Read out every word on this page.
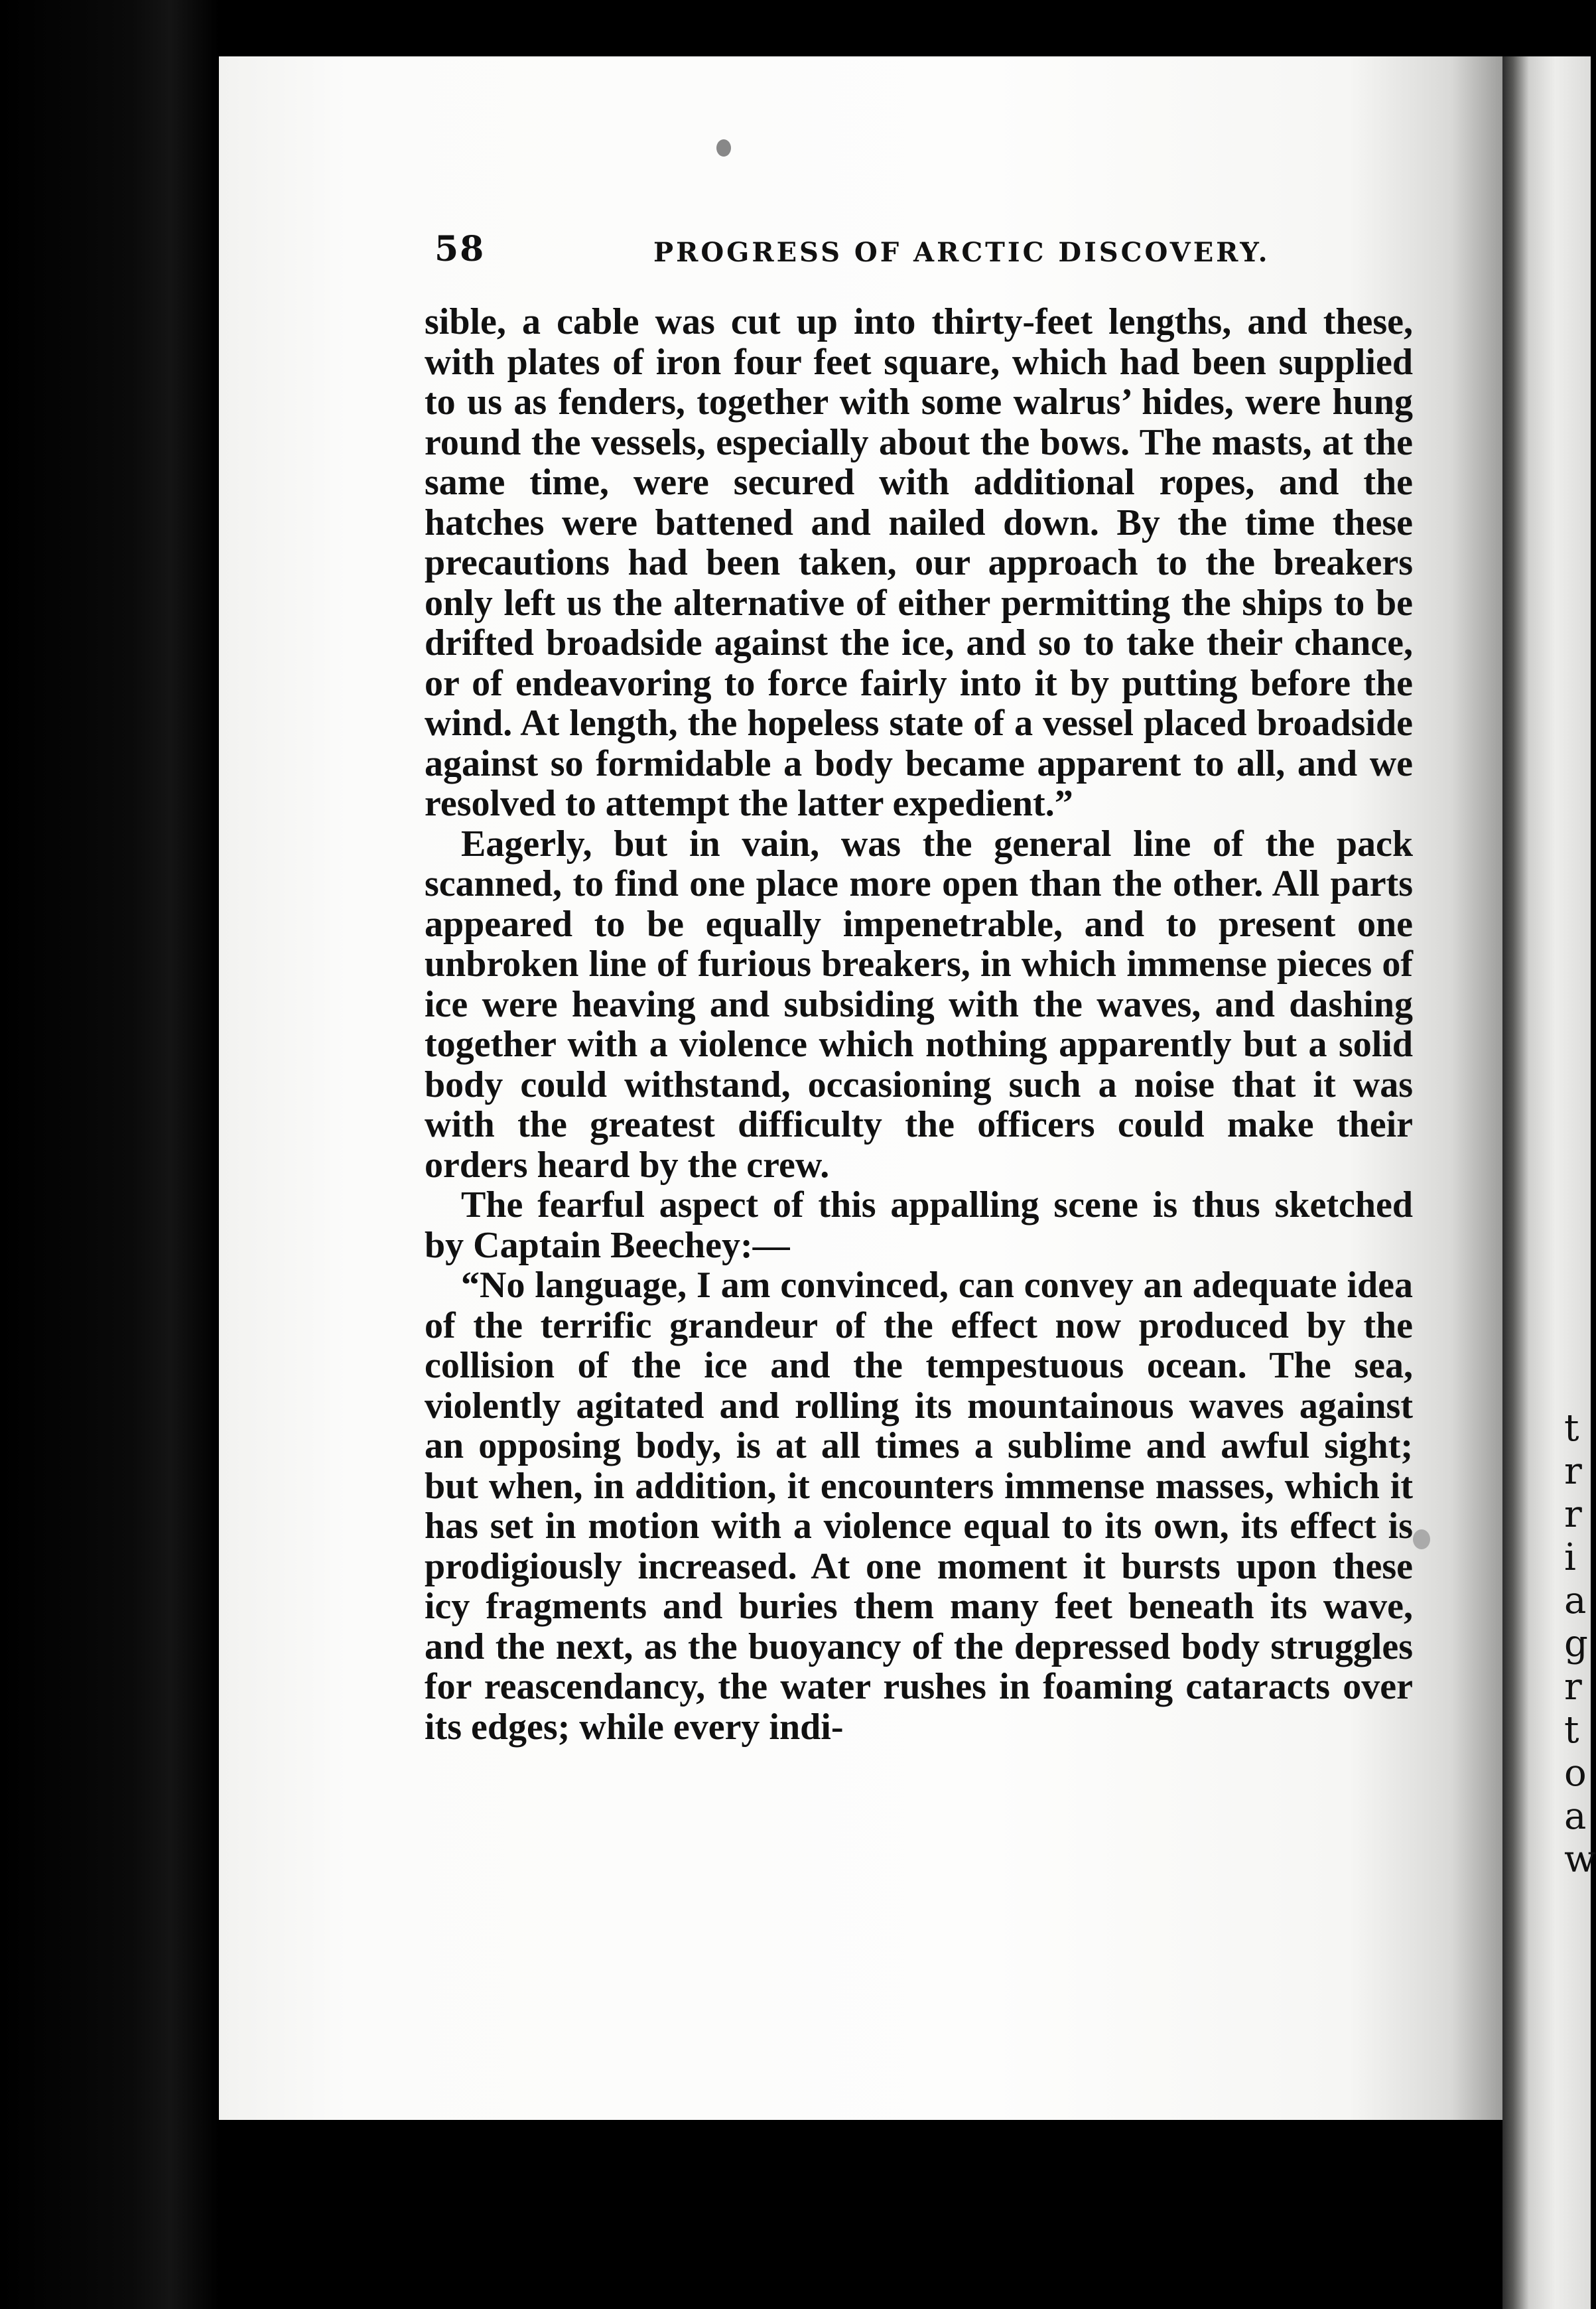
t
r
r
i
a
g
r
t
o
a
w
58	PROGRESS OF ARCTIC DISCOVERY.

sible, a cable was cut up into thirty-feet lengths, and these, with plates of iron four feet square, which had been supplied to us as fenders, together with some walrus’ hides, were hung round the vessels, especially about the bows. The masts, at the same time, were secured with additional ropes, and the hatches were battened and nailed down. By the time these precautions had been taken, our approach to the breakers only left us the alternative of either permitting the ships to be drifted broadside against the ice, and so to take their chance, or of endeavoring to force fairly into it by putting before the wind. At length, the hopeless state of a vessel placed broadside against so formidable a body became apparent to all, and we resolved to attempt the latter expedient.”

Eagerly, but in vain, was the general line of the pack scanned, to find one place more open than the other. All parts appeared to be equally impenetrable, and to present one unbroken line of furious breakers, in which immense pieces of ice were heaving and subsiding with the waves, and dashing together with a violence which nothing apparently but a solid body could withstand, occasioning such a noise that it was with the greatest difficulty the officers could make their orders heard by the crew.

The fearful aspect of this appalling scene is thus sketched by Captain Beechey:—

“No language, I am convinced, can convey an adequate idea of the terrific grandeur of the effect now produced by the collision of the ice and the tempestuous ocean. The sea, violently agitated and rolling its mountainous waves against an opposing body, is at all times a sublime and awful sight; but when, in addition, it encounters immense masses, which it has set in motion with a violence equal to its own, its effect is prodigiously increased. At one moment it bursts upon these icy fragments and buries them many feet beneath its wave, and the next, as the buoyancy of the depressed body struggles for reascendancy, the water rushes in foaming cataracts over its edges; while every indi-
